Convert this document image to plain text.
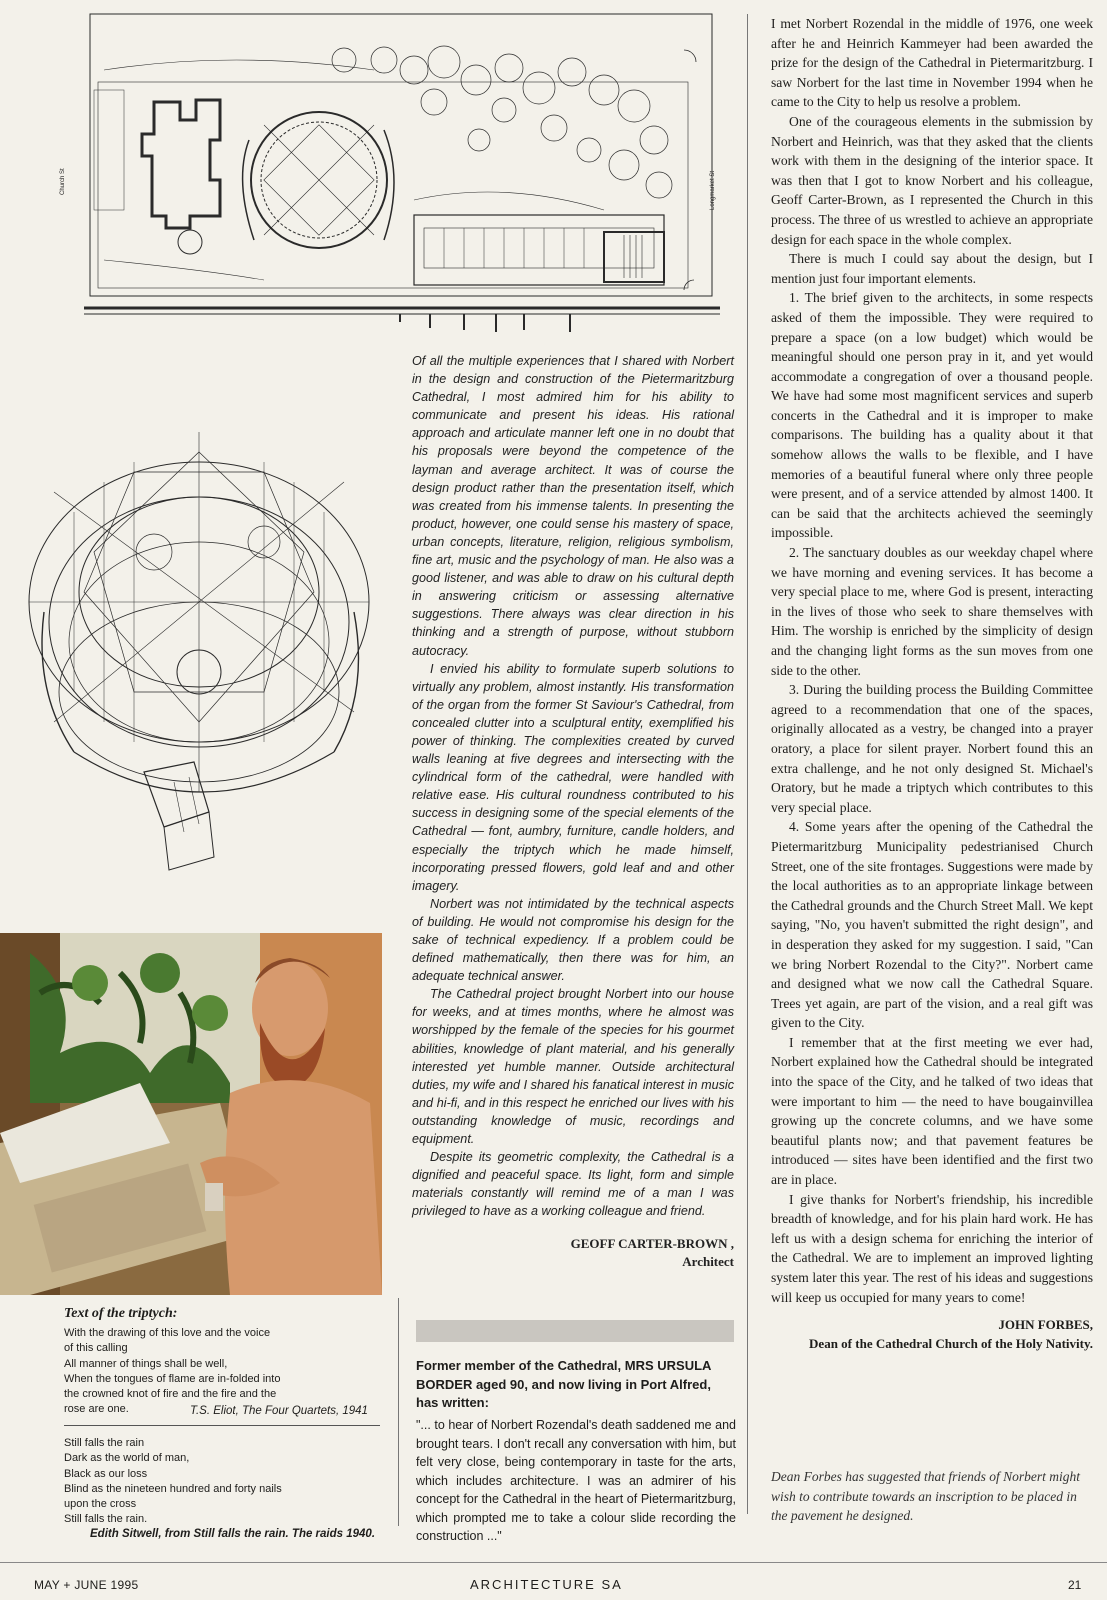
Church St	Longmarket St

Of all the multiple experiences that I shared with Norbert in the design and construction of the Pietermaritzburg Cathedral, I most admired him for his ability to communicate and present his ideas. His rational approach and articulate manner left one in no doubt that his proposals were beyond the competence of the layman and average architect. It was of course the design product rather than the presentation itself, which was created from his immense talents. In presenting the product, however, one could sense his mastery of space, urban concepts, literature, religion, religious symbolism, fine art, music and the psychology of man. He also was a good listener, and was able to draw on his cultural depth in answering criticism or assessing alternative suggestions. There always was clear direction in his thinking and a strength of purpose, without stubborn autocracy.

I envied his ability to formulate superb solutions to virtually any problem, almost instantly. His transformation of the organ from the former St Saviour's Cathedral, from concealed clutter into a sculptural entity, exemplified his power of thinking. The complexities created by curved walls leaning at five degrees and intersecting with the cylindrical form of the cathedral, were handled with relative ease. His cultural roundness contributed to his success in designing some of the special elements of the Cathedral — font, aumbry, furniture, candle holders, and especially the triptych which he made himself, incorporating pressed flowers, gold leaf and and other imagery.

Norbert was not intimidated by the technical aspects of building. He would not compromise his design for the sake of technical expediency. If a problem could be defined mathematically, then there was for him, an adequate technical answer.

The Cathedral project brought Norbert into our house for weeks, and at times months, where he almost was worshipped by the female of the species for his gourmet abilities, knowledge of plant material, and his generally interested yet humble manner. Outside architectural duties, my wife and I shared his fanatical interest in music and hi-fi, and in this respect he enriched our lives with his outstanding knowledge of music, recordings and equipment.

Despite its geometric complexity, the Cathedral is a dignified and peaceful space. Its light, form and simple materials constantly will remind me of a man I was privileged to have as a working colleague and friend.

GEOFF CARTER-BROWN ,
Architect
Former member of the Cathedral, MRS URSULA BORDER aged 90, and now living in Port Alfred, has written:
"... to hear of Norbert Rozendal's death saddened me and brought tears. I don't recall any conversation with him, but felt very close, being contemporary in taste for the arts, which includes architecture. I was an admirer of his concept for the Cathedral in the heart of Pietermaritzburg, which prompted me to take a colour slide recording the construction ..."

I met Norbert Rozendal in the middle of 1976, one week after he and Heinrich Kammeyer had been awarded the prize for the design of the Cathedral in Pietermaritzburg. I saw Norbert for the last time in November 1994 when he came to the City to help us resolve a problem.

One of the courageous elements in the submission by Norbert and Heinrich, was that they asked that the clients work with them in the designing of the interior space. It was then that I got to know Norbert and his colleague, Geoff Carter-Brown, as I represented the Church in this process. The three of us wrestled to achieve an appropriate design for each space in the whole complex.

There is much I could say about the design, but I mention just four important elements.

1. The brief given to the architects, in some respects asked of them the impossible. They were required to prepare a space (on a low budget) which would be meaningful should one person pray in it, and yet would accommodate a congregation of over a thousand people. We have had some most magnificent services and superb concerts in the Cathedral and it is improper to make comparisons. The building has a quality about it that somehow allows the walls to be flexible, and I have memories of a beautiful funeral where only three people were present, and of a service attended by almost 1400. It can be said that the architects achieved the seemingly impossible.

2. The sanctuary doubles as our weekday chapel where we have morning and evening services. It has become a very special place to me, where God is present, interacting in the lives of those who seek to share themselves with Him. The worship is enriched by the simplicity of design and the changing light forms as the sun moves from one side to the other.

3. During the building process the Building Committee agreed to a recommendation that one of the spaces, originally allocated as a vestry, be changed into a prayer oratory, a place for silent prayer. Norbert found this an extra challenge, and he not only designed St. Michael's Oratory, but he made a triptych which contributes to this very special place.

4. Some years after the opening of the Cathedral the Pietermaritzburg Municipality pedestrianised Church Street, one of the site frontages. Suggestions were made by the local authorities as to an appropriate linkage between the Cathedral grounds and the Church Street Mall. We kept saying, "No, you haven't submitted the right design", and in desperation they asked for my suggestion. I said, "Can we bring Norbert Rozendal to the City?". Norbert came and designed what we now call the Cathedral Square. Trees yet again, are part of the vision, and a real gift was given to the City.

I remember that at the first meeting we ever had, Norbert explained how the Cathedral should be integrated into the space of the City, and he talked of two ideas that were important to him — the need to have bougainvillea growing up the concrete columns, and we have some beautiful plants now; and that pavement features be introduced — sites have been identified and the first two are in place.

I give thanks for Norbert's friendship, his incredible breadth of knowledge, and for his plain hard work. He has left us with a design schema for enriching the interior of the Cathedral. We are to implement an improved lighting system later this year. The rest of his ideas and suggestions will keep us occupied for many years to come!

JOHN FORBES,
Dean of the Cathedral Church of the Holy Nativity.
Dean Forbes has suggested that friends of Norbert might wish to contribute towards an inscription to be placed in the pavement he designed.
Text of the triptych:
With the drawing of this love and the voice
of this calling
All manner of things shall be well,
When the tongues of flame are in-folded into
the crowned knot of fire and the fire and the
rose are one.	T.S. Eliot, The Four Quartets, 1941
Still falls the rain
Dark as the world of man,
Black as our loss
Blind as the nineteen hundred and forty nails
upon the cross
Still falls the rain.
Edith Sitwell, from Still falls the rain. The raids 1940.
MAY + JUNE 1995	ARCHITECTURE SA	21
